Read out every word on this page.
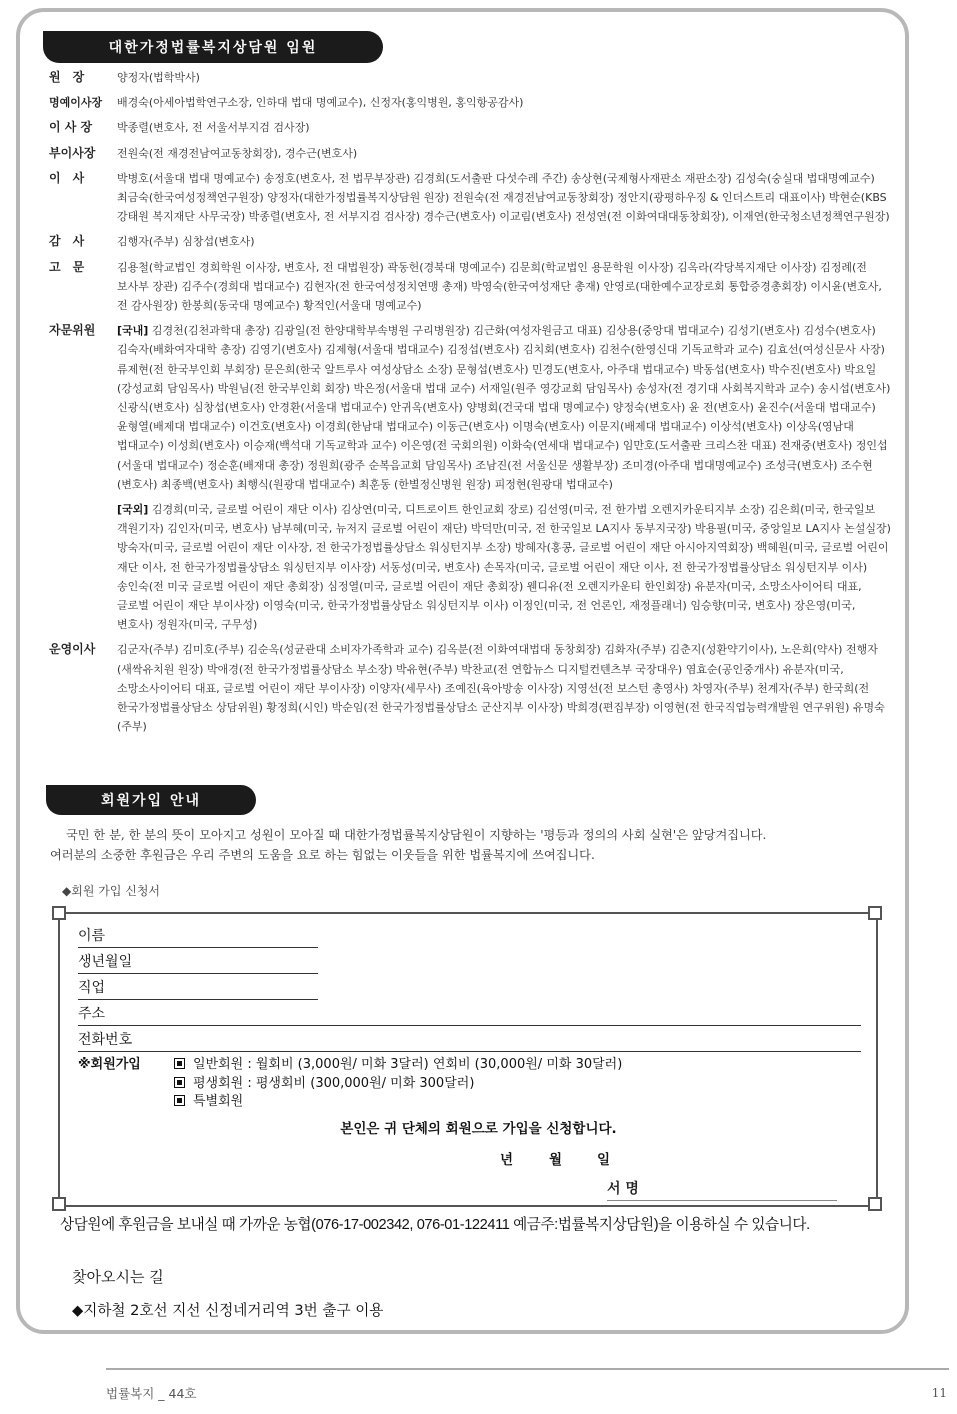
대한가정법률복지상담원 임원
원　장	양정자(법학박사)
명예이사장	배경숙(아세아법학연구소장, 인하대 법대 명예교수), 신정자(홍익병원, 홍익항공감사)
이 사 장	박종렬(변호사, 전 서울서부지검 검사장)
부이사장	전원숙(전 재경전남여교동창회장), 경수근(변호사)
이　사	박병호(서울대 법대 명예교수) 송정호(변호사, 전 법무부장관) 김경희(도서출판 다섯수레 주간) 송상현(국제형사재판소 재판소장) 김성숙(숭실대 법대명예교수) 최금숙(한국여성정책연구원장) 양정자(대한가정법률복지상담원 원장) 전원숙(전 재경전남여교동창회장) 정안지(광평하우징 & 인더스트리 대표이사) 박현순(KBS 강태원 복지재단 사무국장) 박종렬(변호사, 전 서부지검 검사장) 경수근(변호사) 이교림(변호사) 전성연(전 이화여대대동창회장), 이재연(한국청소년정책연구원장)
감　사	김행자(주부) 심창섭(변호사)
고　문	김용철(학교법인 경희학원 이사장, 변호사, 전 대법원장) 곽동헌(경북대 명예교수) 김문희(학교법인 용문학원 이사장) 김옥라(각당복지재단 이사장) 김정례(전 보사부 장관) 김주수(경희대 법대교수) 김현자(전 한국여성정치연맹 총재) 박영숙(한국여성재단 총재) 안영로(대한예수교장로회 통합증경총회장) 이시윤(변호사, 전 감사원장) 한봉희(동국대 명예교수) 황적인(서울대 명예교수)
자문위원	[국내] 김경천(김천과학대 총장) 김광일(전 한양대학부속병원 구리병원장) 김근화(여성자원금고 대표) 김상용(중앙대 법대교수) 김성기(변호사) 김성수(변호사) 김숙자(배화여자대학 총장) 김영기(변호사) 김제형(서울대 법대교수) 김정섭(변호사) 김치회(변호사) 김천수(한영신대 기독교학과 교수) 김효선(여성신문사 사장) 류제현(전 한국부인회 부회장) 문은희(한국 알트루사 여성상담소 소장) 문형섭(변호사) 민경도(변호사, 아주대 법대교수) 박동섭(변호사) 박수진(변호사) 박요일(강성교회 담임목사) 박원님(전 한국부인회 회장) 박은정(서울대 법대 교수) 서재일(원주 영강교회 담임목사) 송성자(전 경기대 사회복지학과 교수) 송시섭(변호사) 신광식(변호사) 심창섭(변호사) 안경환(서울대 법대교수) 안귀옥(변호사) 양병회(건국대 법대 명예교수) 양정숙(변호사) 윤 전(변호사) 윤진수(서울대 법대교수) 윤형열(배제대 법대교수) 이건호(변호사) 이경희(한남대 법대교수) 이동근(변호사) 이명숙(변호사) 이문지(배제대 법대교수) 이상석(변호사) 이상옥(영남대 법대교수) 이성희(변호사) 이승재(백석대 기독교학과 교수) 이은영(전 국회의원) 이화숙(연세대 법대교수) 임만호(도서출판 크리스찬 대표) 전재중(변호사) 정인섭(서울대 법대교수) 정순훈(배재대 총장) 정원희(광주 순복음교회 담임목사) 조남진(전 서울신문 생활부장) 조미경(아주대 법대명예교수) 조성극(변호사) 조수현(변호사) 최종백(변호사) 최행식(원광대 법대교수) 최훈동 (한별정신병원 원장) 피정현(원광대 법대교수)
[국외] 김경희(미국, 글로벌 어린이 재단 이사) 김상연(미국, 디트로이트 한인교회 장로) 김선영(미국, 전 한가법 오렌지카운티지부 소장) 김은희(미국, 한국일보 객원기자) 김인자(미국, 변호사) 남부혜(미국, 뉴저지 글로벌 어린이 재단) 박덕만(미국, 전 한국일보 LA지사 동부지국장) 박용필(미국, 중앙일보 LA지사 논설실장) 방숙자(미국, 글로벌 어린이 재단 이사장, 전 한국가정법률상담소 워싱턴지부 소장) 방혜자(홍콩, 글로벌 어린이 재단 아시아지역회장) 백혜원(미국, 글로벌 어린이 재단 이사, 전 한국가정법률상담소 워싱턴지부 이사장) 서동성(미국, 변호사) 손목자(미국, 글로벌 어린이 재단 이사, 전 한국가정법률상담소 워싱턴지부 이사) 송인숙(전 미국 글로벌 어린이 재단 총회장) 심정열(미국, 글로벌 어린이 재단 총회장) 웬디유(전 오렌지카운티 한인회장) 유분자(미국, 소망소사이어티 대표, 글로벌 어린이 재단 부이사장) 이영숙(미국, 한국가정법률상담소 워싱턴지부 이사) 이정인(미국, 전 언론인, 재정플래너) 임승향(미국, 변호사) 장은영(미국, 변호사) 정원자(미국, 구무성)
운영이사	김군자(주부) 김미호(주부) 김순옥(성균관대 소비자가족학과 교수) 김옥분(전 이화여대법대 동창회장) 김화자(주부) 김춘지(성환약기이사), 노은희(약사) 전행자(새싹유치원 원장) 박애경(전 한국가정법률상담소 부소장) 박유현(주부) 박찬교(전 연합뉴스 디지털컨텐츠부 국장대우) 염효순(공인중개사) 유분자(미국, 소망소사이어티 대표, 글로벌 어린이 재단 부이사장) 이양자(세무사) 조예진(육아방송 이사장) 지영선(전 보스턴 총영사) 차영자(주부) 천계자(주부) 한국희(전 한국가정법률상담소 상담위원) 황정희(시인) 박순임(전 한국가정법률상담소 군산지부 이사장) 박희경(편집부장) 이영현(전 한국직업능력개발원 연구위원) 유명숙(주부)
회원가입 안내

국민 한 분, 한 분의 뜻이 모아지고 성원이 모아질 때 대한가정법률복지상담원이 지향하는 '평등과 정의의 사회 실현'은 앞당겨집니다.

여러분의 소중한 후원금은 우리 주변의 도움을 요로 하는 힘없는 이웃들을 위한 법률복지에 쓰여집니다.

◆회원 가입 신청서
이름
생년월일
직업
주소
전화번호
※회원가입	일반회원 : 월회비 (3,000원/ 미화 3달러) 연회비 (30,000원/ 미화 30달러)
평생회원 : 평생회비 (300,000원/ 미화 300달러)
특별회원
본인은 귀 단체의 회원으로 가입을 신청합니다.
년	월	일
서 명
상담원에 후원금을 보내실 때 가까운 농협(076-17-002342, 076-01-122411 예금주:법률복지상담원)을 이용하실 수 있습니다.
찾아오시는 길
◆지하철 2호선 지선 신정네거리역 3번 출구 이용
법률복지 _ 44호	11
